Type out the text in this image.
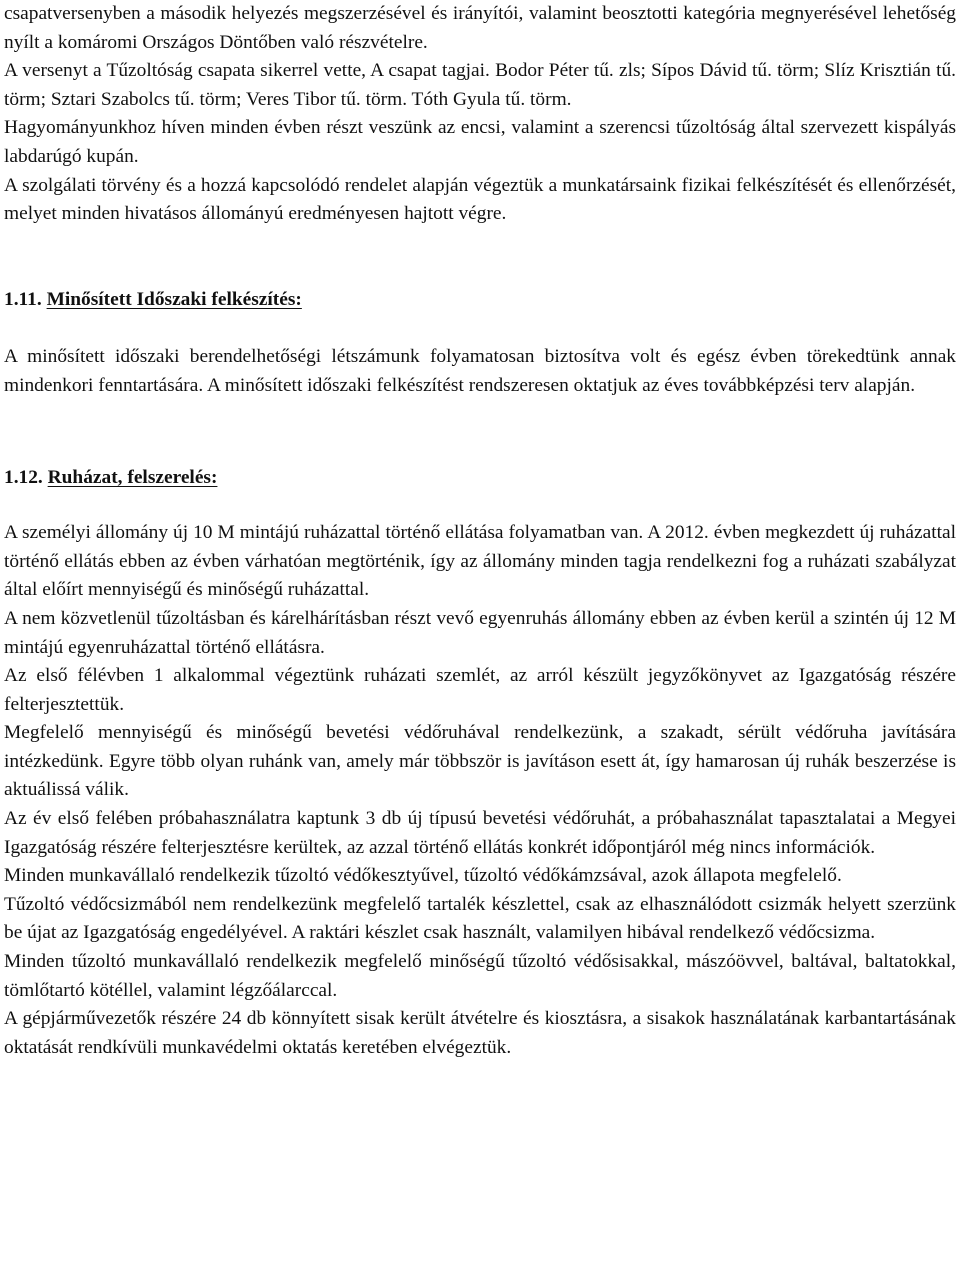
csapatversenyben a második helyezés megszerzésével és irányítói, valamint beosztotti kategória megnyerésével lehetőség nyílt a komáromi Országos Döntőben való részvételre.

A versenyt a Tűzoltóság csapata sikerrel vette, A csapat tagjai. Bodor Péter tű. zls; Sípos Dávid tű. törm; Slíz Krisztián tű. törm; Sztari Szabolcs tű. törm; Veres Tibor tű. törm. Tóth Gyula tű. törm.

Hagyományunkhoz híven minden évben részt veszünk az encsi, valamint a szerencsi tűzoltóság által szervezett kispályás labdarúgó kupán.

A szolgálati törvény és a hozzá kapcsolódó rendelet alapján végeztük a munkatársaink fizikai felkészítését és ellenőrzését, melyet minden hivatásos állományú eredményesen hajtott végre.

1.11. Minősített Időszaki felkészítés:

A minősített időszaki berendelhetőségi létszámunk folyamatosan biztosítva volt és egész évben törekedtünk annak mindenkori fenntartására. A minősített időszaki felkészítést rendszeresen oktatjuk az éves továbbképzési terv alapján.

1.12. Ruházat, felszerelés:

A személyi állomány új 10 M mintájú ruházattal történő ellátása folyamatban van. A 2012. évben megkezdett új ruházattal történő ellátás ebben az évben várhatóan megtörténik, így az állomány minden tagja rendelkezni fog a ruházati szabályzat által előírt mennyiségű és minőségű ruházattal.

A nem közvetlenül tűzoltásban és kárelhárításban részt vevő egyenruhás állomány ebben az évben kerül a szintén új 12 M mintájú egyenruházattal történő ellátásra.

Az első félévben 1 alkalommal végeztünk ruházati szemlét, az arról készült jegyzőkönyvet az Igazgatóság részére felterjesztettük.

Megfelelő mennyiségű és minőségű bevetési védőruhával rendelkezünk, a szakadt, sérült védőruha javítására intézkedünk. Egyre több olyan ruhánk van, amely már többször is javításon esett át, így hamarosan új ruhák beszerzése is aktuálissá válik.

Az év első felében próbahasználatra kaptunk 3 db új típusú bevetési védőruhát, a próbahasználat tapasztalatai a Megyei Igazgatóság részére felterjesztésre kerültek, az azzal történő ellátás konkrét időpontjáról még nincs információk.

Minden munkavállaló rendelkezik tűzoltó védőkesztyűvel, tűzoltó védőkámzsával, azok állapota megfelelő.

Tűzoltó védőcsizmából nem rendelkezünk megfelelő tartalék készlettel, csak az elhasználódott csizmák helyett szerzünk be újat az Igazgatóság engedélyével. A raktári készlet csak használt, valamilyen hibával rendelkező védőcsizma.

Minden tűzoltó munkavállaló rendelkezik megfelelő minőségű tűzoltó védősisakkal, mászóövvel, baltával, baltatokkal, tömlőtartó kötéllel, valamint légzőálarccal.

A gépjárművezetők részére 24 db könnyített sisak került átvételre és kiosztásra, a sisakok használatának karbantartásának oktatását rendkívüli munkavédelmi oktatás keretében elvégeztük.
